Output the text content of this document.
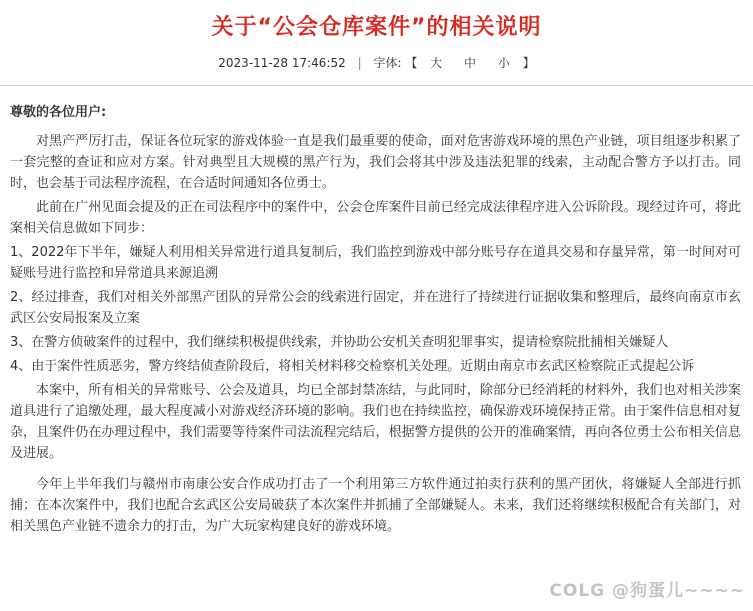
关于“公会仓库案件”的相关说明
2023-11-28 17:46:52 | 字体: 【 大 中 小 】

尊敬的各位用户:

对黑产严厉打击，保证各位玩家的游戏体验一直是我们最重要的使命，面对危害游戏环境的黑色产业链，项目组逐步积累了一套完整的查证和应对方案。针对典型且大规模的黑产行为，我们会将其中涉及违法犯罪的线索，主动配合警方予以打击。同时，也会基于司法程序流程，在合适时间通知各位勇士。

此前在广州见面会提及的正在司法程序中的案件中，公会仓库案件目前已经完成法律程序进入公诉阶段。现经过许可，将此案相关信息做如下同步：

1、2022年下半年，嫌疑人利用相关异常进行道具复制后，我们监控到游戏中部分账号存在道具交易和存量异常，第一时间对可疑账号进行监控和异常道具来源追溯

2、经过排查，我们对相关外部黑产团队的异常公会的线索进行固定，并在进行了持续进行证据收集和整理后，最终向南京市玄武区公安局报案及立案

3、在警方侦破案件的过程中，我们继续积极提供线索，并协助公安机关查明犯罪事实，提请检察院批捕相关嫌疑人

4、由于案件性质恶劣，警方终结侦查阶段后，将相关材料移交检察机关处理。近期由南京市玄武区检察院正式提起公诉

本案中，所有相关的异常账号、公会及道具，均已全部封禁冻结，与此同时，除部分已经消耗的材料外，我们也对相关涉案道具进行了追缴处理，最大程度减小对游戏经济环境的影响。我们也在持续监控，确保游戏环境保持正常。由于案件信息相对复杂，且案件仍在办理过程中，我们需要等待案件司法流程完结后，根据警方提供的公开的准确案情，再向各位勇士公布相关信息及进展。

今年上半年我们与赣州市南康公安合作成功打击了一个利用第三方软件通过拍卖行获利的黑产团伙，将嫌疑人全部进行抓捕；在本次案件中，我们也配合玄武区公安局破获了本次案件并抓捕了全部嫌疑人。未来，我们还将继续积极配合有关部门，对相关黑色产业链不遗余力的打击，为广大玩家构建良好的游戏环境。

COLG @狗蛋儿~~~~
